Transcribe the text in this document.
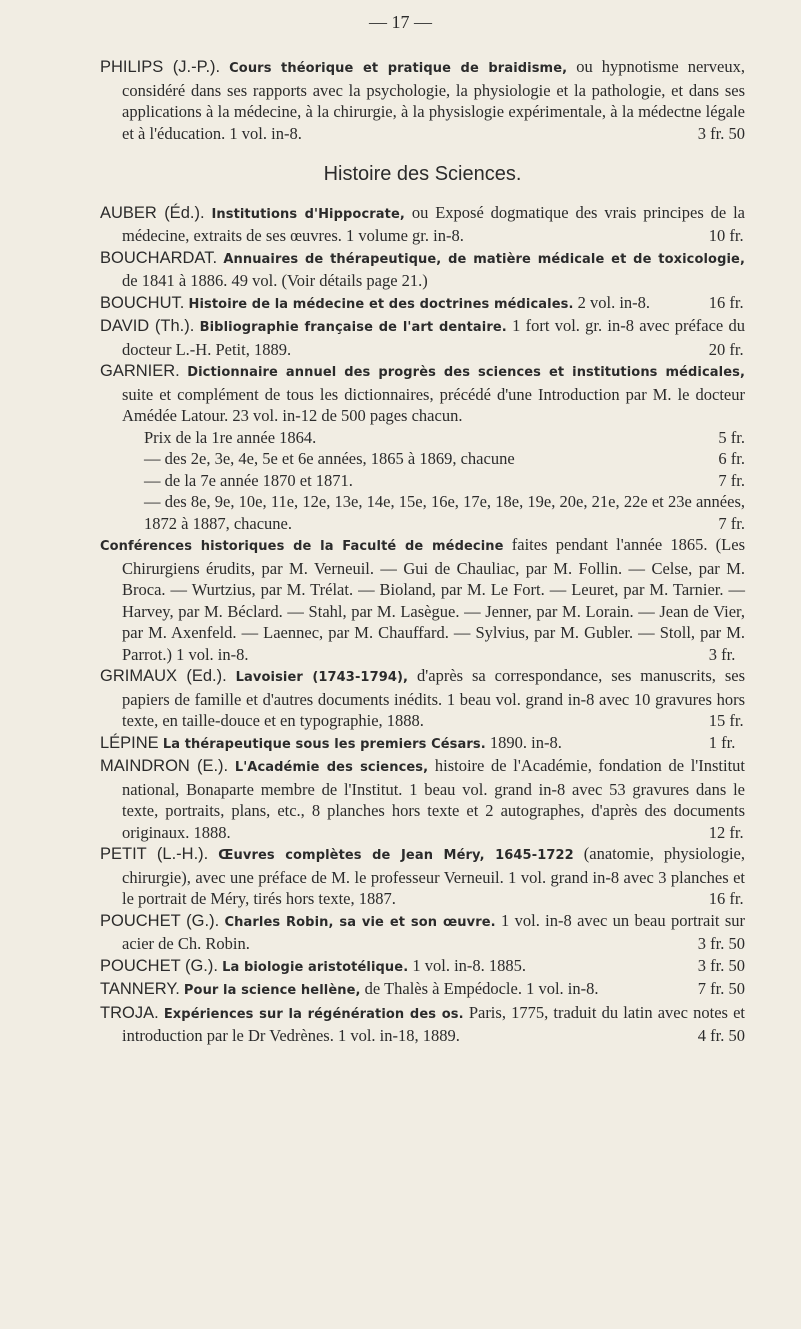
— 17 —

PHILIPS (J.-P.). Cours théorique et pratique de braidisme, ou hypnotisme nerveux, considéré dans ses rapports avec la psychologie, la physiologie et la pathologie, et dans ses applications à la médecine, à la chirurgie, à la physislogie expérimentale, à la médectne légale et à l'éducation. 1 vol. in-8.	3 fr. 50

Histoire des Sciences.

AUBER (Éd.). Institutions d'Hippocrate, ou Exposé dogmatique des vrais principes de la médecine, extraits de ses œuvres. 1 volume gr. in-8.	10 fr.

BOUCHARDAT. Annuaires de thérapeutique, de matière médicale et de toxicologie, de 1841 à 1886. 49 vol. (Voir détails page 21.)

BOUCHUT. Histoire de la médecine et des doctrines médicales. 2 vol. in-8.	16 fr.

DAVID (Th.). Bibliographie française de l'art dentaire. 1 fort vol. gr. in-8 avec préface du docteur L.-H. Petit, 1889.	20 fr.

GARNIER. Dictionnaire annuel des progrès des sciences et institutions médicales, suite et complément de tous les dictionnaires, précédé d'une Introduction par M. le docteur Amédée Latour. 23 vol. in-12 de 500 pages chacun.

Prix de la 1re année 1864.	5 fr.

— des 2e, 3e, 4e, 5e et 6e années, 1865 à 1869, chacune	6 fr.

— de la 7e année 1870 et 1871.	7 fr.

— des 8e, 9e, 10e, 11e, 12e, 13e, 14e, 15e, 16e, 17e, 18e, 19e, 20e, 21e, 22e et 23e années, 1872 à 1887, chacune.	7 fr.

Conférences historiques de la Faculté de médecine faites pendant l'année 1865. (Les Chirurgiens érudits, par M. Verneuil. — Gui de Chauliac, par M. Follin. — Celse, par M. Broca. — Wurtzius, par M. Trélat. — Bioland, par M. Le Fort. — Leuret, par M. Tarnier. — Harvey, par M. Béclard. — Stahl, par M. Lasègue. — Jenner, par M. Lorain. — Jean de Vier, par M. Axenfeld. — Laennec, par M. Chauffard. — Sylvius, par M. Gubler. — Stoll, par M. Parrot.) 1 vol. in-8.	3 fr.

GRIMAUX (Ed.). Lavoisier (1743-1794), d'après sa correspondance, ses manuscrits, ses papiers de famille et d'autres documents inédits. 1 beau vol. grand in-8 avec 10 gravures hors texte, en taille-douce et en typographie, 1888.	15 fr.

LÉPINE La thérapeutique sous les premiers Césars. 1890. in-8.	1 fr.

MAINDRON (E.). L'Académie des sciences, histoire de l'Académie, fondation de l'Institut national, Bonaparte membre de l'Institut. 1 beau vol. grand in-8 avec 53 gravures dans le texte, portraits, plans, etc., 8 planches hors texte et 2 autographes, d'après des documents originaux. 1888.	12 fr.

PETIT (L.-H.). Œuvres complètes de Jean Méry, 1645-1722 (anatomie, physiologie, chirurgie), avec une préface de M. le professeur Verneuil. 1 vol. grand in-8 avec 3 planches et le portrait de Méry, tirés hors texte, 1887.	16 fr.

POUCHET (G.). Charles Robin, sa vie et son œuvre. 1 vol. in-8 avec un beau portrait sur acier de Ch. Robin.	3 fr. 50

POUCHET (G.). La biologie aristotélique. 1 vol. in-8. 1885.	3 fr. 50

TANNERY. Pour la science hellène, de Thalès à Empédocle. 1 vol. in-8.	7 fr. 50

TROJA. Expériences sur la régénération des os. Paris, 1775, traduit du latin avec notes et introduction par le Dr Vedrènes. 1 vol. in-18, 1889.	4 fr. 50
